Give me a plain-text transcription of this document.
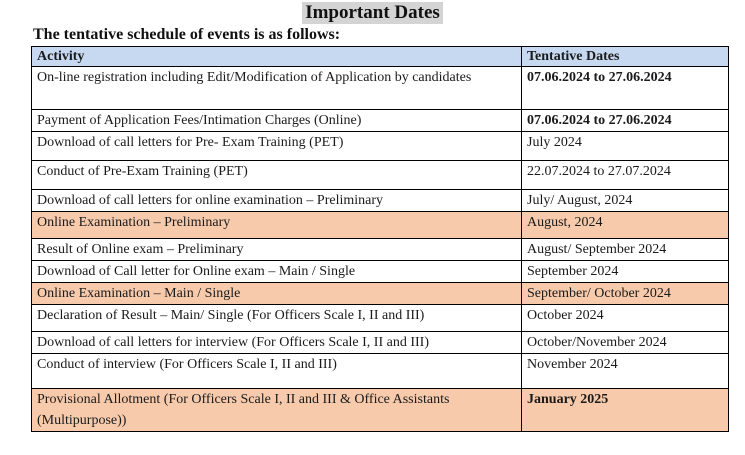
Important Dates
The tentative schedule of events is as follows:
Activity	Tentative Dates
On-line registration including Edit/Modification of Application by candidates	07.06.2024 to 27.06.2024
Payment of Application Fees/Intimation Charges (Online)	07.06.2024 to 27.06.2024
Download of call letters for Pre- Exam Training (PET)	July 2024
Conduct of Pre-Exam Training (PET)	22.07.2024 to 27.07.2024
Download of call letters for online examination – Preliminary	July/ August, 2024
Online Examination – Preliminary	August, 2024
Result of Online exam – Preliminary	August/ September 2024
Download of Call letter for Online exam – Main / Single	September 2024
Online Examination – Main / Single	September/ October 2024
Declaration of Result – Main/ Single (For Officers Scale I, II and III)	October 2024
Download of call letters for interview (For Officers Scale I, II and III)	October/November 2024
Conduct of interview (For Officers Scale I, II and III)	November 2024
Provisional Allotment (For Officers Scale I, II and III & Office Assistants (Multipurpose))	January 2025
